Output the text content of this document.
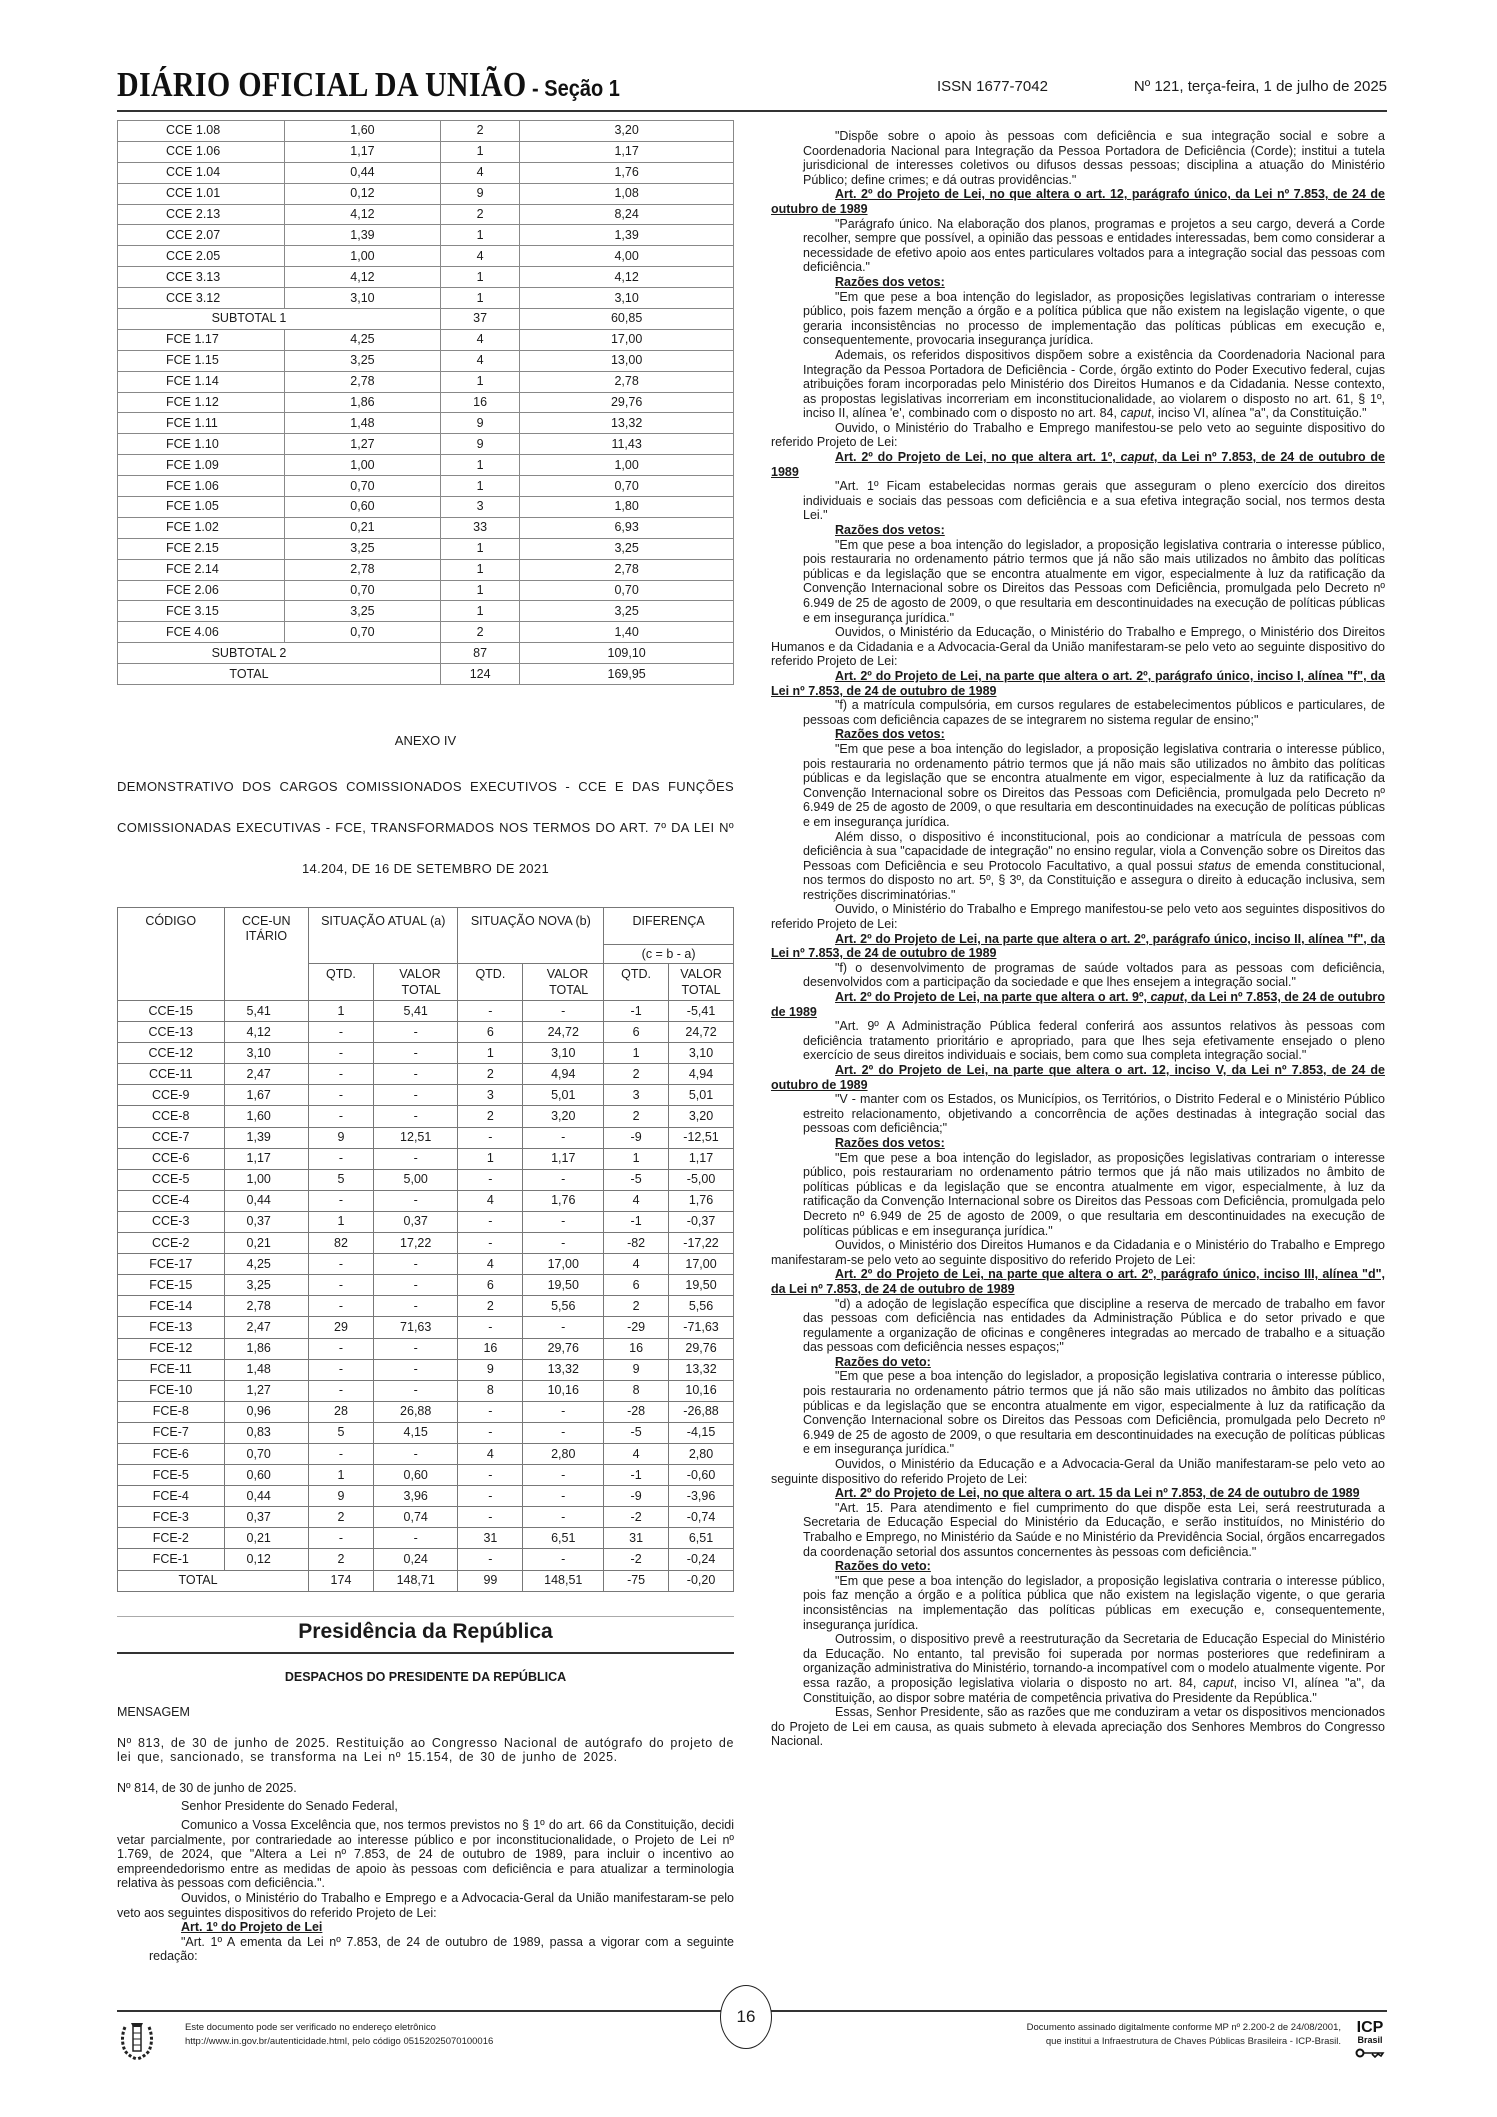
DIÁRIO OFICIAL DA UNIÃO - Seção 1	ISSN 1677-7042	Nº 121, terça-feira, 1 de julho de 2025
CCE 1.08	1,60	2	3,20
CCE 1.06	1,17	1	1,17
CCE 1.04	0,44	4	1,76
CCE 1.01	0,12	9	1,08
CCE 2.13	4,12	2	8,24
CCE 2.07	1,39	1	1,39
CCE 2.05	1,00	4	4,00
CCE 3.13	4,12	1	4,12
CCE 3.12	3,10	1	3,10
SUBTOTAL 1		37	60,85
FCE 1.17	4,25	4	17,00
FCE 1.15	3,25	4	13,00
FCE 1.14	2,78	1	2,78
FCE 1.12	1,86	16	29,76
FCE 1.11	1,48	9	13,32
FCE 1.10	1,27	9	11,43
FCE 1.09	1,00	1	1,00
FCE 1.06	0,70	1	0,70
FCE 1.05	0,60	3	1,80
FCE 1.02	0,21	33	6,93
FCE 2.15	3,25	1	3,25
FCE 2.14	2,78	1	2,78
FCE 2.06	0,70	1	0,70
FCE 3.15	3,25	1	3,25
FCE 4.06	0,70	2	1,40
SUBTOTAL 2		87	109,10
TOTAL		124	169,95
ANEXO IV
DEMONSTRATIVO DOS CARGOS COMISSIONADOS EXECUTIVOS - CCE E DAS FUNÇÕES COMISSIONADAS EXECUTIVAS - FCE, TRANSFORMADOS NOS TERMOS DO ART. 7º DA LEI Nº 14.204, DE 16 DE SETEMBRO DE 2021
CÓDIGO	CCE-UNITÁRIO	SITUAÇÃO ATUAL (a)		SITUAÇÃO NOVA (b)		DIFERENÇA	
						(c = b - a)	
		QTD.	VALOR TOTAL	QTD.	VALOR TOTAL	QTD.	VALOR TOTAL
CCE-15	5,41	1	5,41	-	-	-1	-5,41
CCE-13	4,12	-	-	6	24,72	6	24,72
CCE-12	3,10	-	-	1	3,10	1	3,10
CCE-11	2,47	-	-	2	4,94	2	4,94
CCE-9	1,67	-	-	3	5,01	3	5,01
CCE-8	1,60	-	-	2	3,20	2	3,20
CCE-7	1,39	9	12,51	-	-	-9	-12,51
CCE-6	1,17	-	-	1	1,17	1	1,17
CCE-5	1,00	5	5,00	-	-	-5	-5,00
CCE-4	0,44	-	-	4	1,76	4	1,76
CCE-3	0,37	1	0,37	-	-	-1	-0,37
CCE-2	0,21	82	17,22	-	-	-82	-17,22
FCE-17	4,25	-	-	4	17,00	4	17,00
FCE-15	3,25	-	-	6	19,50	6	19,50
FCE-14	2,78	-	-	2	5,56	2	5,56
FCE-13	2,47	29	71,63	-	-	-29	-71,63
FCE-12	1,86	-	-	16	29,76	16	29,76
FCE-11	1,48	-	-	9	13,32	9	13,32
FCE-10	1,27	-	-	8	10,16	8	10,16
FCE-8	0,96	28	26,88	-	-	-28	-26,88
FCE-7	0,83	5	4,15	-	-	-5	-4,15
FCE-6	0,70	-	-	4	2,80	4	2,80
FCE-5	0,60	1	0,60	-	-	-1	-0,60
FCE-4	0,44	9	3,96	-	-	-9	-3,96
FCE-3	0,37	2	0,74	-	-	-2	-0,74
FCE-2	0,21	-	-	31	6,51	31	6,51
FCE-1	0,12	2	0,24	-	-	-2	-0,24
TOTAL		174	148,71	99	148,51	-75	-0,20
Presidência da República
DESPACHOS DO PRESIDENTE DA REPÚBLICA

MENSAGEM

Nº 813, de 30 de junho de 2025. Restituição ao Congresso Nacional de autógrafo do projeto de lei que, sancionado, se transforma na Lei nº 15.154, de 30 de junho de 2025.

Nº 814, de 30 de junho de 2025.

Senhor Presidente do Senado Federal,

Comunico a Vossa Excelência que, nos termos previstos no § 1º do art. 66 da Constituição, decidi vetar parcialmente, por contrariedade ao interesse público e por inconstitucionalidade, o Projeto de Lei nº 1.769, de 2024, que "Altera a Lei nº 7.853, de 24 de outubro de 1989, para incluir o incentivo ao empreendedorismo entre as medidas de apoio às pessoas com deficiência e para atualizar a terminologia relativa às pessoas com deficiência.".

Ouvidos, o Ministério do Trabalho e Emprego e a Advocacia-Geral da União manifestaram-se pelo veto aos seguintes dispositivos do referido Projeto de Lei:

Art. 1º do Projeto de Lei

"Art. 1º A ementa da Lei nº 7.853, de 24 de outubro de 1989, passa a vigorar com a seguinte redação:

"Dispõe sobre o apoio às pessoas com deficiência e sua integração social e sobre a Coordenadoria Nacional para Integração da Pessoa Portadora de Deficiência (Corde); institui a tutela jurisdicional de interesses coletivos ou difusos dessas pessoas; disciplina a atuação do Ministério Público; define crimes; e dá outras providências."

Art. 2º do Projeto de Lei, no que altera o art. 12, parágrafo único, da Lei nº 7.853, de 24 de outubro de 1989

"Parágrafo único. Na elaboração dos planos, programas e projetos a seu cargo, deverá a Corde recolher, sempre que possível, a opinião das pessoas e entidades interessadas, bem como considerar a necessidade de efetivo apoio aos entes particulares voltados para a integração social das pessoas com deficiência."

Razões dos vetos:

"Em que pese a boa intenção do legislador, as proposições legislativas contrariam o interesse público, pois fazem menção a órgão e a política pública que não existem na legislação vigente, o que geraria inconsistências no processo de implementação das políticas públicas em execução e, consequentemente, provocaria insegurança jurídica.

Ademais, os referidos dispositivos dispõem sobre a existência da Coordenadoria Nacional para Integração da Pessoa Portadora de Deficiência - Corde, órgão extinto do Poder Executivo federal, cujas atribuições foram incorporadas pelo Ministério dos Direitos Humanos e da Cidadania. Nesse contexto, as propostas legislativas incorreriam em inconstitucionalidade, ao violarem o disposto no art. 61, § 1º, inciso II, alínea 'e', combinado com o disposto no art. 84, caput, inciso VI, alínea "a", da Constituição."

Ouvido, o Ministério do Trabalho e Emprego manifestou-se pelo veto ao seguinte dispositivo do referido Projeto de Lei:

Art. 2º do Projeto de Lei, no que altera art. 1º, caput, da Lei nº 7.853, de 24 de outubro de 1989

"Art. 1º Ficam estabelecidas normas gerais que asseguram o pleno exercício dos direitos individuais e sociais das pessoas com deficiência e a sua efetiva integração social, nos termos desta Lei."

Razões dos vetos:

"Em que pese a boa intenção do legislador, a proposição legislativa contraria o interesse público, pois restauraria no ordenamento pátrio termos que já não são mais utilizados no âmbito das políticas públicas e da legislação que se encontra atualmente em vigor, especialmente à luz da ratificação da Convenção Internacional sobre os Direitos das Pessoas com Deficiência, promulgada pelo Decreto nº 6.949 de 25 de agosto de 2009, o que resultaria em descontinuidades na execução de políticas públicas e em insegurança jurídica."

Ouvidos, o Ministério da Educação, o Ministério do Trabalho e Emprego, o Ministério dos Direitos Humanos e da Cidadania e a Advocacia-Geral da União manifestaram-se pelo veto ao seguinte dispositivo do referido Projeto de Lei:

Art. 2º do Projeto de Lei, na parte que altera o art. 2º, parágrafo único, inciso I, alínea "f", da Lei nº 7.853, de 24 de outubro de 1989

"f) a matrícula compulsória, em cursos regulares de estabelecimentos públicos e particulares, de pessoas com deficiência capazes de se integrarem no sistema regular de ensino;"

Razões dos vetos:

"Em que pese a boa intenção do legislador, a proposição legislativa contraria o interesse público, pois restauraria no ordenamento pátrio termos que já não mais são utilizados no âmbito das políticas públicas e da legislação que se encontra atualmente em vigor, especialmente à luz da ratificação da Convenção Internacional sobre os Direitos das Pessoas com Deficiência, promulgada pelo Decreto nº 6.949 de 25 de agosto de 2009, o que resultaria em descontinuidades na execução de políticas públicas e em insegurança jurídica.

Além disso, o dispositivo é inconstitucional, pois ao condicionar a matrícula de pessoas com deficiência à sua "capacidade de integração" no ensino regular, viola a Convenção sobre os Direitos das Pessoas com Deficiência e seu Protocolo Facultativo, a qual possui status de emenda constitucional, nos termos do disposto no art. 5º, § 3º, da Constituição e assegura o direito à educação inclusiva, sem restrições discriminatórias."

Ouvido, o Ministério do Trabalho e Emprego manifestou-se pelo veto aos seguintes dispositivos do referido Projeto de Lei:

Art. 2º do Projeto de Lei, na parte que altera o art. 2º, parágrafo único, inciso II, alínea "f", da Lei nº 7.853, de 24 de outubro de 1989

"f) o desenvolvimento de programas de saúde voltados para as pessoas com deficiência, desenvolvidos com a participação da sociedade e que lhes ensejem a integração social."

Art. 2º do Projeto de Lei, na parte que altera o art. 9º, caput, da Lei nº 7.853, de 24 de outubro de 1989

"Art. 9º A Administração Pública federal conferirá aos assuntos relativos às pessoas com deficiência tratamento prioritário e apropriado, para que lhes seja efetivamente ensejado o pleno exercício de seus direitos individuais e sociais, bem como sua completa integração social."

Art. 2º do Projeto de Lei, na parte que altera o art. 12, inciso V, da Lei nº 7.853, de 24 de outubro de 1989

"V - manter com os Estados, os Municípios, os Territórios, o Distrito Federal e o Ministério Público estreito relacionamento, objetivando a concorrência de ações destinadas à integração social das pessoas com deficiência;"

Razões dos vetos:

"Em que pese a boa intenção do legislador, as proposições legislativas contrariam o interesse público, pois restaurariam no ordenamento pátrio termos que já não mais utilizados no âmbito de políticas públicas e da legislação que se encontra atualmente em vigor, especialmente, à luz da ratificação da Convenção Internacional sobre os Direitos das Pessoas com Deficiência, promulgada pelo Decreto nº 6.949 de 25 de agosto de 2009, o que resultaria em descontinuidades na execução de políticas públicas e em insegurança jurídica."

Ouvidos, o Ministério dos Direitos Humanos e da Cidadania e o Ministério do Trabalho e Emprego manifestaram-se pelo veto ao seguinte dispositivo do referido Projeto de Lei:

Art. 2º do Projeto de Lei, na parte que altera o art. 2º, parágrafo único, inciso III, alínea "d", da Lei nº 7.853, de 24 de outubro de 1989

"d) a adoção de legislação específica que discipline a reserva de mercado de trabalho em favor das pessoas com deficiência nas entidades da Administração Pública e do setor privado e que regulamente a organização de oficinas e congêneres integradas ao mercado de trabalho e a situação das pessoas com deficiência nesses espaços;"

Razões do veto:

"Em que pese a boa intenção do legislador, a proposição legislativa contraria o interesse público, pois restauraria no ordenamento pátrio termos que já não são mais utilizados no âmbito das políticas públicas e da legislação que se encontra atualmente em vigor, especialmente à luz da ratificação da Convenção Internacional sobre os Direitos das Pessoas com Deficiência, promulgada pelo Decreto nº 6.949 de 25 de agosto de 2009, o que resultaria em descontinuidades na execução de políticas públicas e em insegurança jurídica."

Ouvidos, o Ministério da Educação e a Advocacia-Geral da União manifestaram-se pelo veto ao seguinte dispositivo do referido Projeto de Lei:

Art. 2º do Projeto de Lei, no que altera o art. 15 da Lei nº 7.853, de 24 de outubro de 1989

"Art. 15. Para atendimento e fiel cumprimento do que dispõe esta Lei, será reestruturada a Secretaria de Educação Especial do Ministério da Educação, e serão instituídos, no Ministério do Trabalho e Emprego, no Ministério da Saúde e no Ministério da Previdência Social, órgãos encarregados da coordenação setorial dos assuntos concernentes às pessoas com deficiência."

Razões do veto:

"Em que pese a boa intenção do legislador, a proposição legislativa contraria o interesse público, pois faz menção a órgão e a política pública que não existem na legislação vigente, o que geraria inconsistências na implementação das políticas públicas em execução e, consequentemente, insegurança jurídica.

Outrossim, o dispositivo prevê a reestruturação da Secretaria de Educação Especial do Ministério da Educação. No entanto, tal previsão foi superada por normas posteriores que redefiniram a organização administrativa do Ministério, tornando-a incompatível com o modelo atualmente vigente. Por essa razão, a proposição legislativa violaria o disposto no art. 84, caput, inciso VI, alínea "a", da Constituição, ao dispor sobre matéria de competência privativa do Presidente da República."

Essas, Senhor Presidente, são as razões que me conduziram a vetar os dispositivos mencionados do Projeto de Lei em causa, as quais submeto à elevada apreciação dos Senhores Membros do Congresso Nacional.

16
Este documento pode ser verificado no endereço eletrônico
http://www.in.gov.br/autenticidade.html, pelo código 05152025070100016
Documento assinado digitalmente conforme MP nº 2.200-2 de 24/08/2001,
que institui a Infraestrutura de Chaves Públicas Brasileira - ICP-Brasil.
ICP
Brasil
